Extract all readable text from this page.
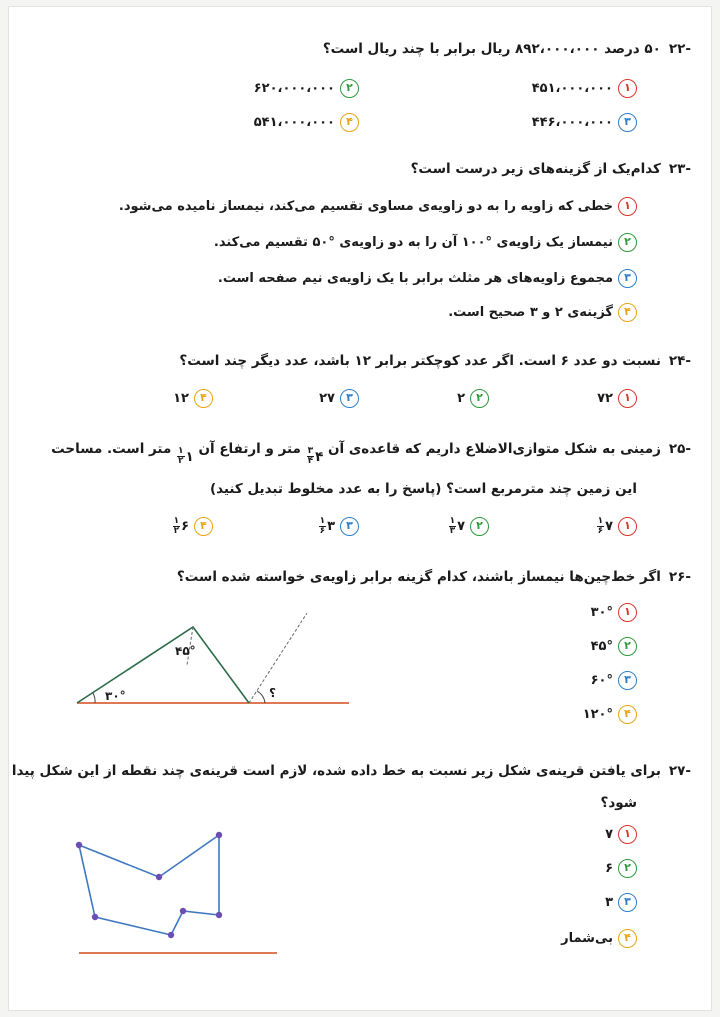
۲۲-
۵۰ درصد ۸۹۲،۰۰۰،۰۰۰ ریال برابر با چند ریال است؟
۱
۴۵۱،۰۰۰،۰۰۰
۲
۶۲۰،۰۰۰،۰۰۰
۳
۴۴۶،۰۰۰،۰۰۰
۴
۵۴۱،۰۰۰،۰۰۰
۲۳-
کدام‌یک از گزینه‌های زیر درست است؟
۱
خطی که زاویه را به دو زاویه‌ی مساوی تقسیم می‌کند، نیمساز نامیده می‌شود.
۲
نیمساز یک زاویه‌ی °۱۰۰ آن را به دو زاویه‌ی °۵۰ تقسیم می‌کند.
۳
مجموع زاویه‌های هر مثلث برابر با یک زاویه‌ی نیم صفحه است.
۴
گزینه‌ی ۲ و ۳ صحیح است.
۲۴-
نسبت دو عدد ۶ است. اگر عدد کوچکتر برابر ۱۲ باشد، عدد دیگر چند است؟
۱
۷۲
۲
۲
۳
۲۷
۴
۱۲
۲۵-
زمینی به شکل متوازی‌الاضلاع داریم که قاعده‌ی آن
۴
$\frac{۳}{۴}$
متر و ارتفاع آن
۱
$\frac{۱}{۲}$
متر است. مساحت
این زمین چند مترمربع است؟ (پاسخ را به عدد مخلوط تبدیل کنید)
۱
۷
$\frac{۱}{۶}$
۲
۷
$\frac{۱}{۳}$
۳
۳
$\frac{۱}{۶}$
۴
۶
$\frac{۱}{۲}$
۲۶-
اگر خط‌چین‌ها نیمساز باشند، کدام گزینه برابر زاویه‌ی خواسته شده است؟
۳۰°
۴۵°
؟
۱
۳۰°
۲
۴۵°
۳
۶۰°
۴
۱۲۰°
۲۷-
برای یافتن قرینه‌ی شکل زیر نسبت به خط داده شده، لازم است قرینه‌ی چند نقطه از این شکل پیدا
شود؟
۱
۷
۲
۶
۳
۳
۴
بی‌شمار
